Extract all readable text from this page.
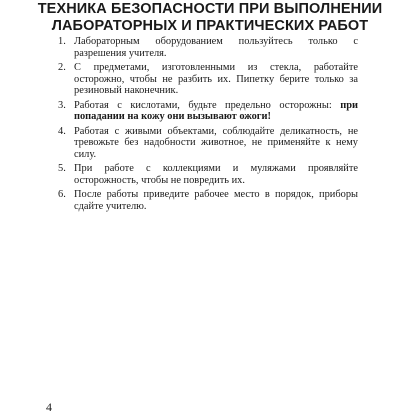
ТЕХНИКА БЕЗОПАСНОСТИ ПРИ ВЫПОЛНЕНИИ
ЛАБОРАТОРНЫХ И ПРАКТИЧЕСКИХ РАБОТ
1. Лабораторным оборудованием пользуйтесь только с разрешения учителя.
2. С предметами, изготовленными из стекла, работайте осторожно, чтобы не разбить их. Пипетку берите только за резиновый наконечник.
3. Работая с кислотами, будьте предельно осторожны: при попадании на кожу они вызывают ожоги!
4. Работая с живыми объектами, соблюдайте деликатность, не тревожьте без надобности животное, не применяйте к нему силу.
5. При работе с коллекциями и муляжами проявляйте осторожность, чтобы не повредить их.
6. После работы приведите рабочее место в порядок, приборы сдайте учителю.
4
